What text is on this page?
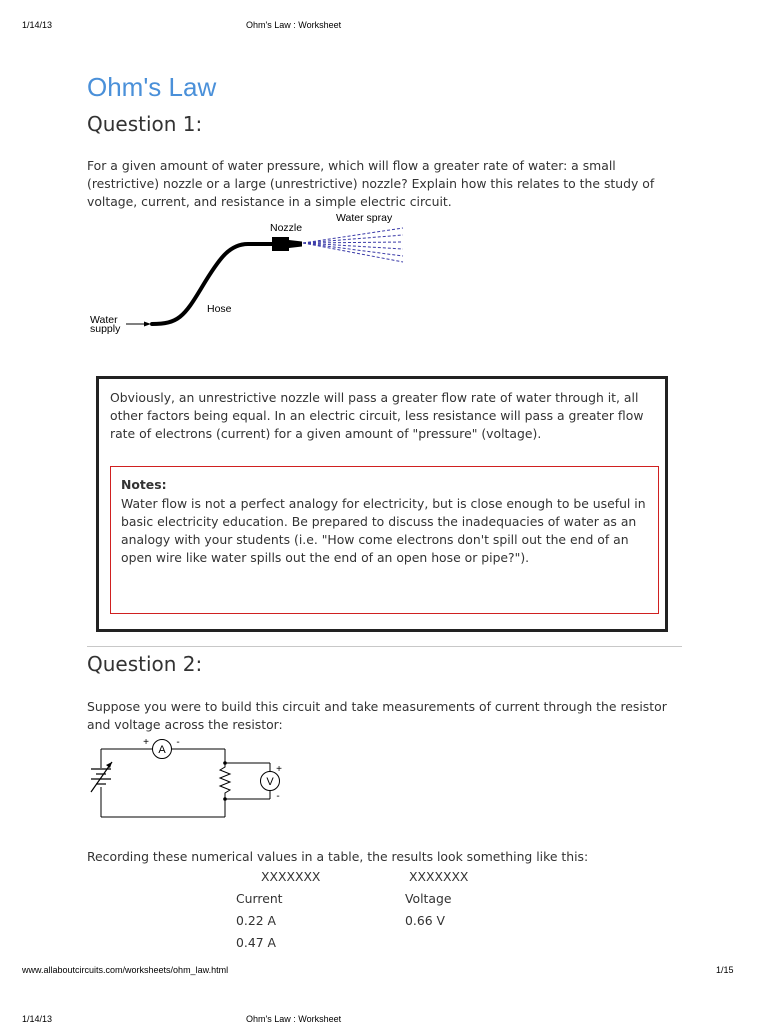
1/14/13	Ohm's Law : Worksheet
Ohm's Law
Question 1:

For a given amount of water pressure, which will flow a greater rate of water: a small (restrictive) nozzle or a large (unrestrictive) nozzle? Explain how this relates to the study of voltage, current, and resistance in a simple electric circuit.

Nozzle
Water spray
Hose
Water
supply

Obviously, an unrestrictive nozzle will pass a greater flow rate of water through it, all other factors being equal. In an electric circuit, less resistance will pass a greater flow rate of electrons (current) for a given amount of "pressure" (voltage).

Notes:

Water flow is not a perfect analogy for electricity, but is close enough to be useful in basic electricity education. Be prepared to discuss the inadequacies of water as an analogy with your students (i.e. "How come electrons don't spill out the end of an open wire like water spills out the end of an open hose or pipe?").

Question 2:

Suppose you were to build this circuit and take measurements of current through the resistor and voltage across the resistor:

A
+	-
V
+
-

Recording these numerical values in a table, the results look something like this:

XXXXXXX	XXXXXXX
Current	Voltage
0.22 A	0.66 V
0.47 A
www.allaboutcircuits.com/worksheets/ohm_law.html	1/15
1/14/13	Ohm's Law : Worksheet
